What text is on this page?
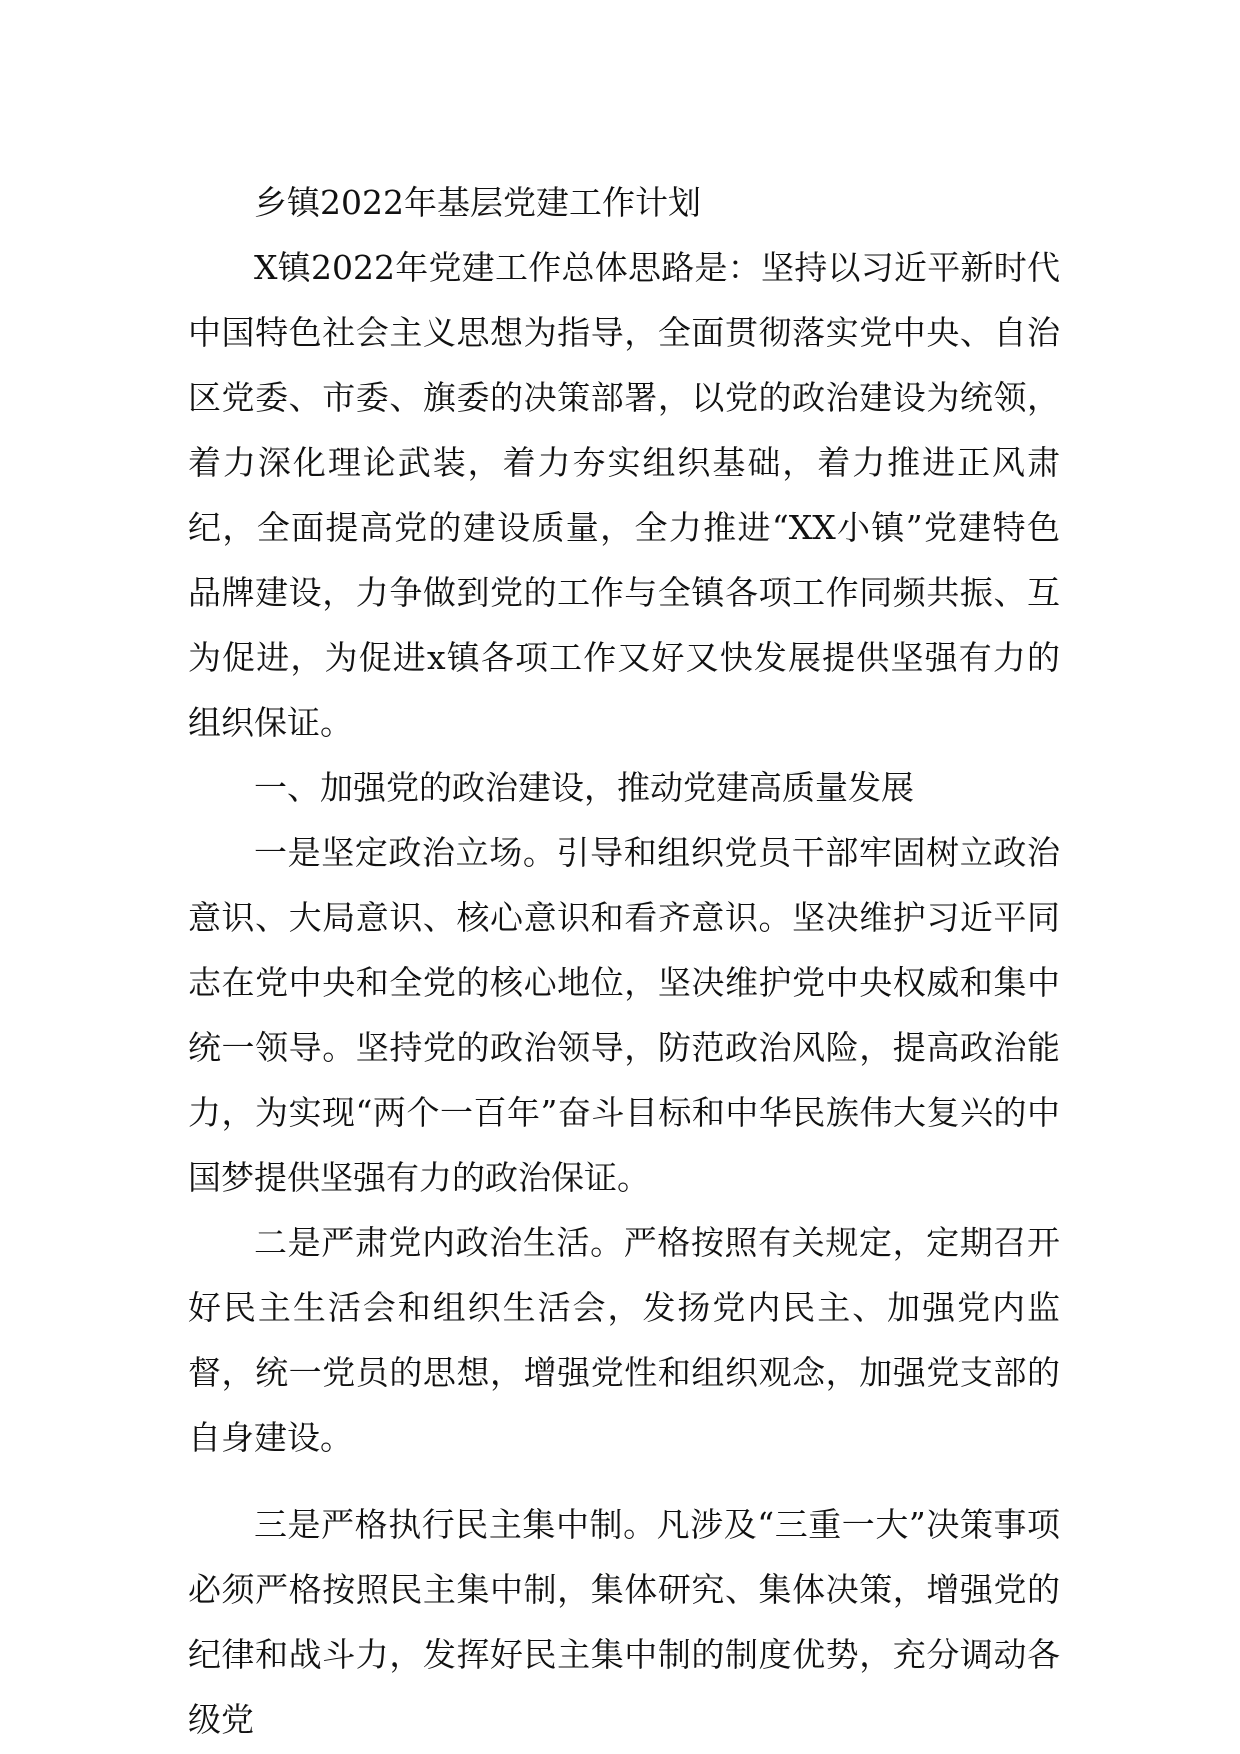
乡镇2022年基层党建工作计划

X镇2022年党建工作总体思路是：坚持以习近平新时代中国特色社会主义思想为指导，全面贯彻落实党中央、自治区党委、市委、旗委的决策部署，以党的政治建设为统领，着力深化理论武装，着力夯实组织基础，着力推进正风肃纪，全面提高党的建设质量，全力推进“XX小镇”党建特色品牌建设，力争做到党的工作与全镇各项工作同频共振、互为促进，为促进x镇各项工作又好又快发展提供坚强有力的组织保证。

一、加强党的政治建设，推动党建高质量发展

一是坚定政治立场。引导和组织党员干部牢固树立政治意识、大局意识、核心意识和看齐意识。坚决维护习近平同志在党中央和全党的核心地位，坚决维护党中央权威和集中统一领导。坚持党的政治领导，防范政治风险，提高政治能力，为实现“两个一百年”奋斗目标和中华民族伟大复兴的中国梦提供坚强有力的政治保证。

二是严肃党内政治生活。严格按照有关规定，定期召开好民主生活会和组织生活会，发扬党内民主、加强党内监督，统一党员的思想，增强党性和组织观念，加强党支部的自身建设。

三是严格执行民主集中制。凡涉及“三重一大”决策事项必须严格按照民主集中制，集体研究、集体决策，增强党的纪律和战斗力，发挥好民主集中制的制度优势，充分调动各级党
